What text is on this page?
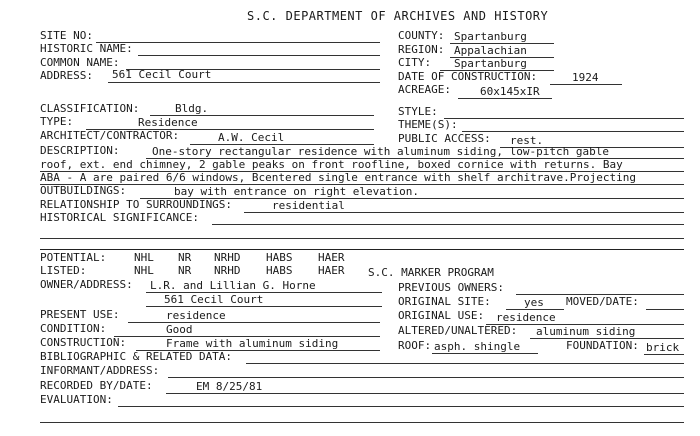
S.C. DEPARTMENT OF ARCHIVES AND HISTORY
SITE NO:
HISTORIC NAME:
COMMON NAME:
ADDRESS: 561 Cecil Court
COUNTY: Spartanburg
REGION: Appalachian
CITY: Spartanburg
DATE OF CONSTRUCTION:	1924
ACREAGE:	60x145xIR
CLASSIFICATION:	Bldg.	STYLE:
TYPE:	Residence	THEME(S):
ARCHITECT/CONTRACTOR:	A.W. Cecil	PUBLIC ACCESS: rest.
DESCRIPTION:	One-story rectangular residence with aluminum siding, low-pitch gable
roof, ext. end chimney, 2 gable peaks on front roofline, boxed cornice with returns. Bay
ABA - A are paired 6/6 windows, Bcentered single entrance with shelf architrave.Projecting
OUTBUILDINGS:	bay with entrance on right elevation.
RELATIONSHIP TO SURROUNDINGS:	residential
HISTORICAL SIGNIFICANCE:
POTENTIAL:	NHL NR NRHD HABS HAER
LISTED:	NHL NR NRHD HABS HAER S.C. MARKER PROGRAM
OWNER/ADDRESS: L.R. and Lillian G. Horne
561 Cecil Court
PREVIOUS OWNERS:
ORIGINAL SITE:	yes MOVED/DATE:
PRESENT USE:	residence	ORIGINAL USE: residence
CONDITION:	Good	ALTERED/UNALTERED: aluminum siding
CONSTRUCTION:	Frame with aluminum siding	ROOF: asph. shingle	FOUNDATION: brick
BIBLIOGRAPHIC & RELATED DATA:
INFORMANT/ADDRESS:
RECORDED BY/DATE:	EM 8/25/81
EVALUATION:
